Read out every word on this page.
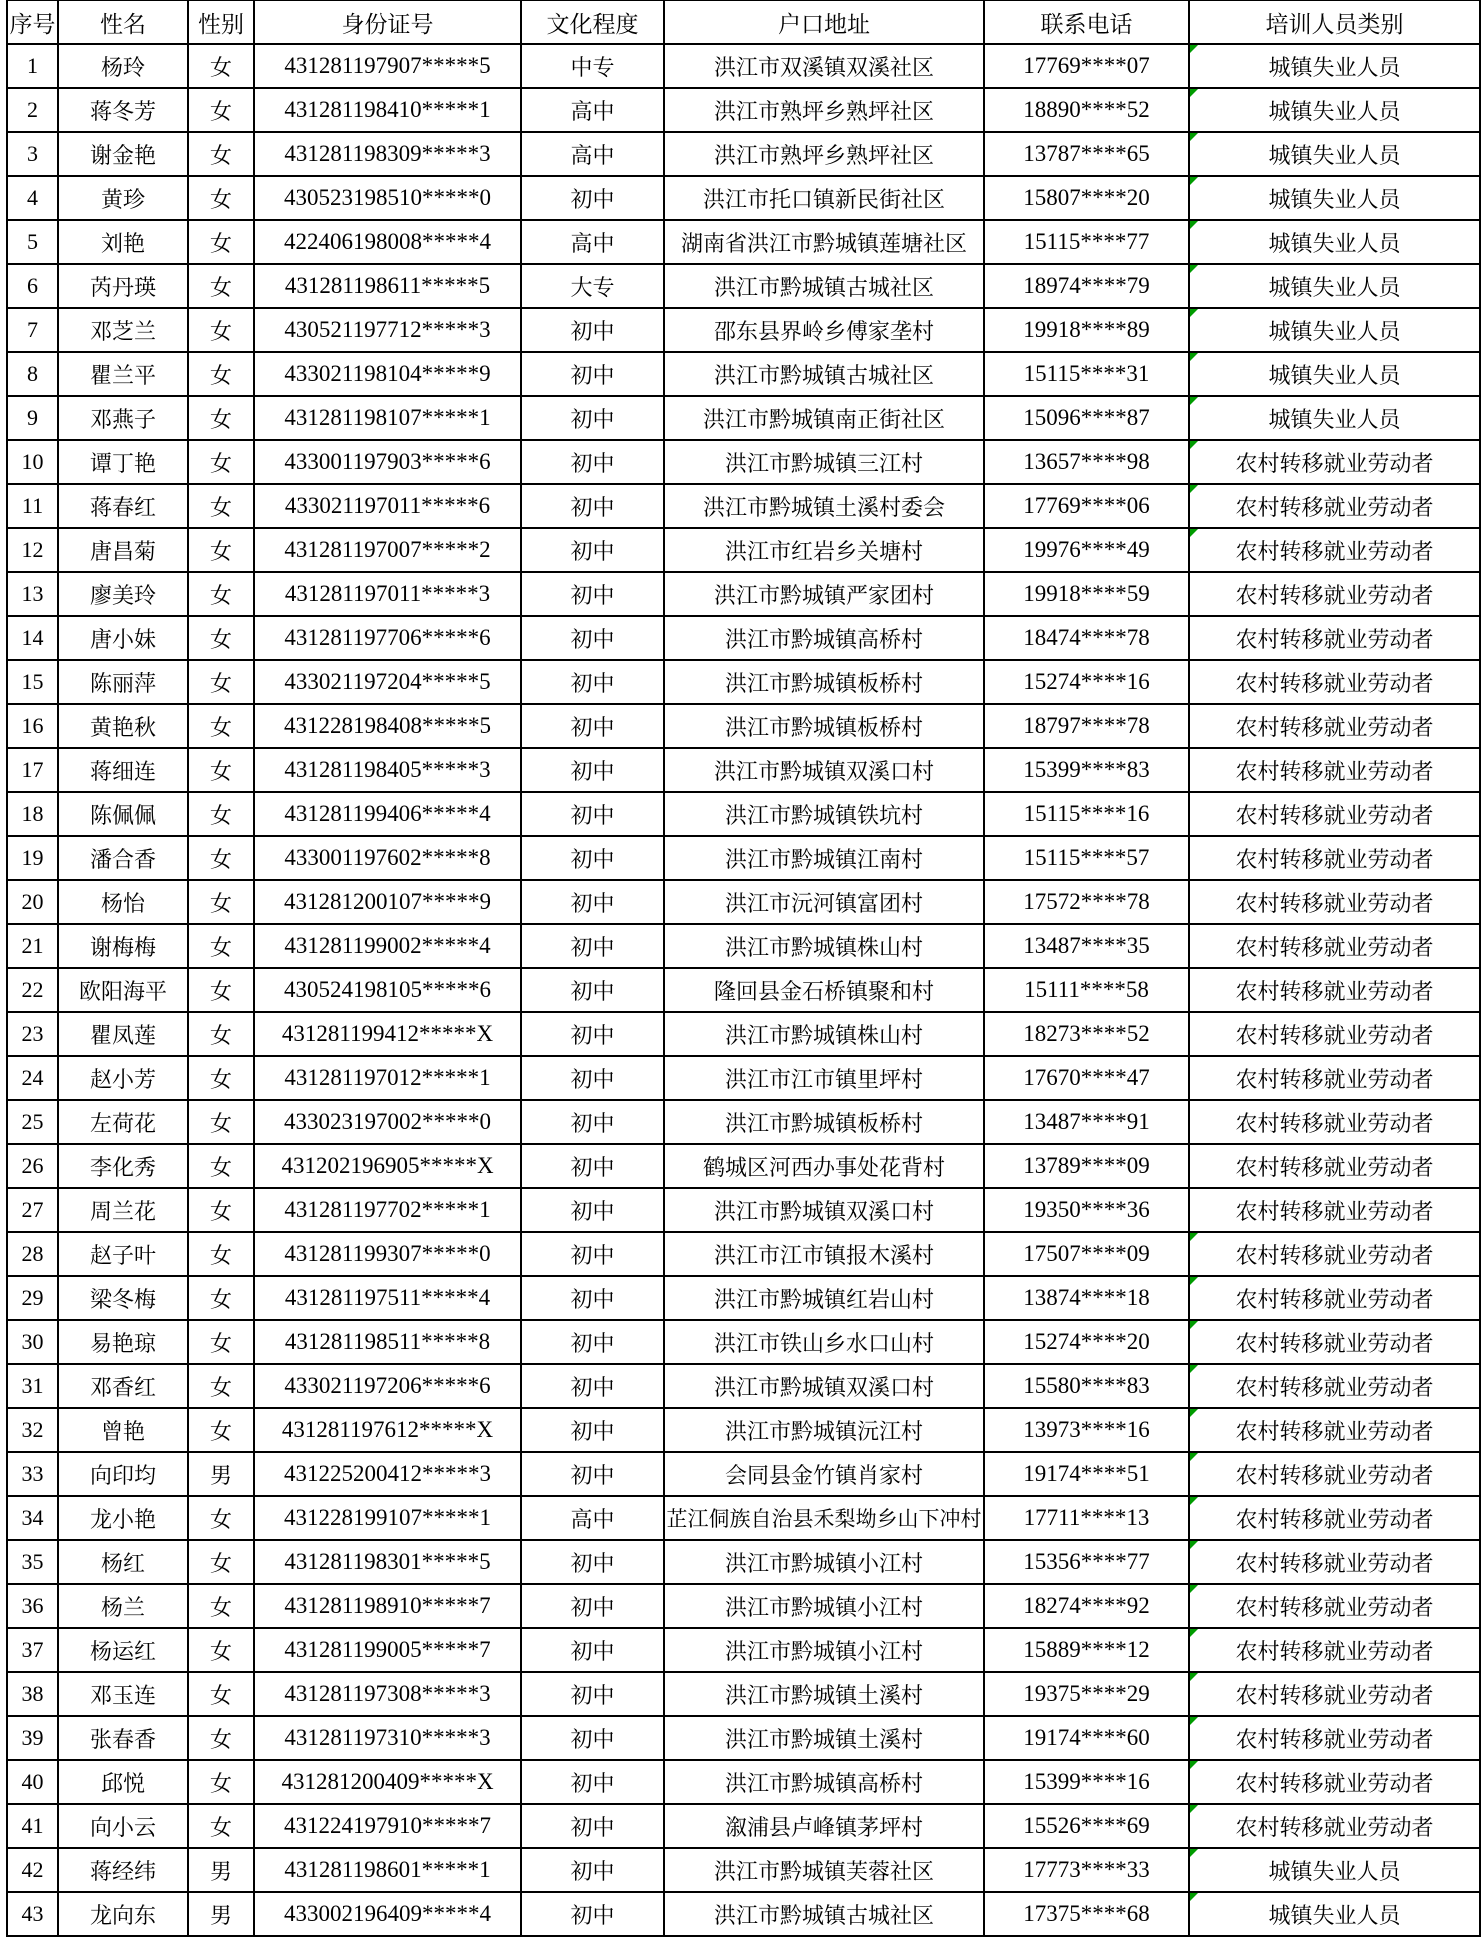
序号	性名	性别	身份证号	文化程度	户口地址	联系电话	培训人员类别
1	杨玲	女	431281197907*****5	中专	洪江市双溪镇双溪社区	17769****07	城镇失业人员

2	蒋冬芳	女	431281198410*****1	高中	洪江市熟坪乡熟坪社区	18890****52	城镇失业人员

3	谢金艳	女	431281198309*****3	高中	洪江市熟坪乡熟坪社区	13787****65	城镇失业人员

4	黄珍	女	430523198510*****0	初中	洪江市托口镇新民街社区	15807****20	城镇失业人员

5	刘艳	女	422406198008*****4	高中	湖南省洪江市黔城镇莲塘社区	15115****77	城镇失业人员

6	芮丹瑛	女	431281198611*****5	大专	洪江市黔城镇古城社区	18974****79	城镇失业人员

7	邓芝兰	女	430521197712*****3	初中	邵东县界岭乡傅家垄村	19918****89	城镇失业人员

8	瞿兰平	女	433021198104*****9	初中	洪江市黔城镇古城社区	15115****31	城镇失业人员

9	邓燕子	女	431281198107*****1	初中	洪江市黔城镇南正街社区	15096****87	城镇失业人员

10	谭丁艳	女	433001197903*****6	初中	洪江市黔城镇三江村	13657****98	农村转移就业劳动者

11	蒋春红	女	433021197011*****6	初中	洪江市黔城镇土溪村委会	17769****06	农村转移就业劳动者

12	唐昌菊	女	431281197007*****2	初中	洪江市红岩乡关塘村	19976****49	农村转移就业劳动者

13	廖美玲	女	431281197011*****3	初中	洪江市黔城镇严家团村	19918****59	农村转移就业劳动者
14	唐小妹	女	431281197706*****6	初中	洪江市黔城镇高桥村	18474****78	农村转移就业劳动者
15	陈丽萍	女	433021197204*****5	初中	洪江市黔城镇板桥村	15274****16	农村转移就业劳动者
16	黄艳秋	女	431228198408*****5	初中	洪江市黔城镇板桥村	18797****78	农村转移就业劳动者
17	蒋细连	女	431281198405*****3	初中	洪江市黔城镇双溪口村	15399****83	农村转移就业劳动者
18	陈佩佩	女	431281199406*****4	初中	洪江市黔城镇铁坑村	15115****16	农村转移就业劳动者
19	潘合香	女	433001197602*****8	初中	洪江市黔城镇江南村	15115****57	农村转移就业劳动者
20	杨怡	女	431281200107*****9	初中	洪江市沅河镇富团村	17572****78	农村转移就业劳动者
21	谢梅梅	女	431281199002*****4	初中	洪江市黔城镇株山村	13487****35	农村转移就业劳动者
22	欧阳海平	女	430524198105*****6	初中	隆回县金石桥镇聚和村	15111****58	农村转移就业劳动者
23	瞿凤莲	女	431281199412*****X	初中	洪江市黔城镇株山村	18273****52	农村转移就业劳动者
24	赵小芳	女	431281197012*****1	初中	洪江市江市镇里坪村	17670****47	农村转移就业劳动者
25	左荷花	女	433023197002*****0	初中	洪江市黔城镇板桥村	13487****91	农村转移就业劳动者
26	李化秀	女	431202196905*****X	初中	鹤城区河西办事处花背村	13789****09	农村转移就业劳动者
27	周兰花	女	431281197702*****1	初中	洪江市黔城镇双溪口村	19350****36	农村转移就业劳动者
28	赵子叶	女	431281199307*****0	初中	洪江市江市镇报木溪村	17507****09	农村转移就业劳动者

29	梁冬梅	女	431281197511*****4	初中	洪江市黔城镇红岩山村	13874****18	农村转移就业劳动者

30	易艳琼	女	431281198511*****8	初中	洪江市铁山乡水口山村	15274****20	农村转移就业劳动者

31	邓香红	女	433021197206*****6	初中	洪江市黔城镇双溪口村	15580****83	农村转移就业劳动者

32	曾艳	女	431281197612*****X	初中	洪江市黔城镇沅江村	13973****16	农村转移就业劳动者

33	向印均	男	431225200412*****3	初中	会同县金竹镇肖家村	19174****51	农村转移就业劳动者

34	龙小艳	女	431228199107*****1	高中	芷江侗族自治县禾梨坳乡山下冲村	17711****13	农村转移就业劳动者

35	杨红	女	431281198301*****5	初中	洪江市黔城镇小江村	15356****77	农村转移就业劳动者

36	杨兰	女	431281198910*****7	初中	洪江市黔城镇小江村	18274****92	农村转移就业劳动者

37	杨运红	女	431281199005*****7	初中	洪江市黔城镇小江村	15889****12	农村转移就业劳动者

38	邓玉连	女	431281197308*****3	初中	洪江市黔城镇土溪村	19375****29	农村转移就业劳动者

39	张春香	女	431281197310*****3	初中	洪江市黔城镇土溪村	19174****60	农村转移就业劳动者

40	邱悦	女	431281200409*****X	初中	洪江市黔城镇高桥村	15399****16	农村转移就业劳动者

41	向小云	女	431224197910*****7	初中	溆浦县卢峰镇茅坪村	15526****69	农村转移就业劳动者

42	蒋经纬	男	431281198601*****1	初中	洪江市黔城镇芙蓉社区	17773****33	城镇失业人员

43	龙向东	男	433002196409*****4	初中	洪江市黔城镇古城社区	17375****68	城镇失业人员
